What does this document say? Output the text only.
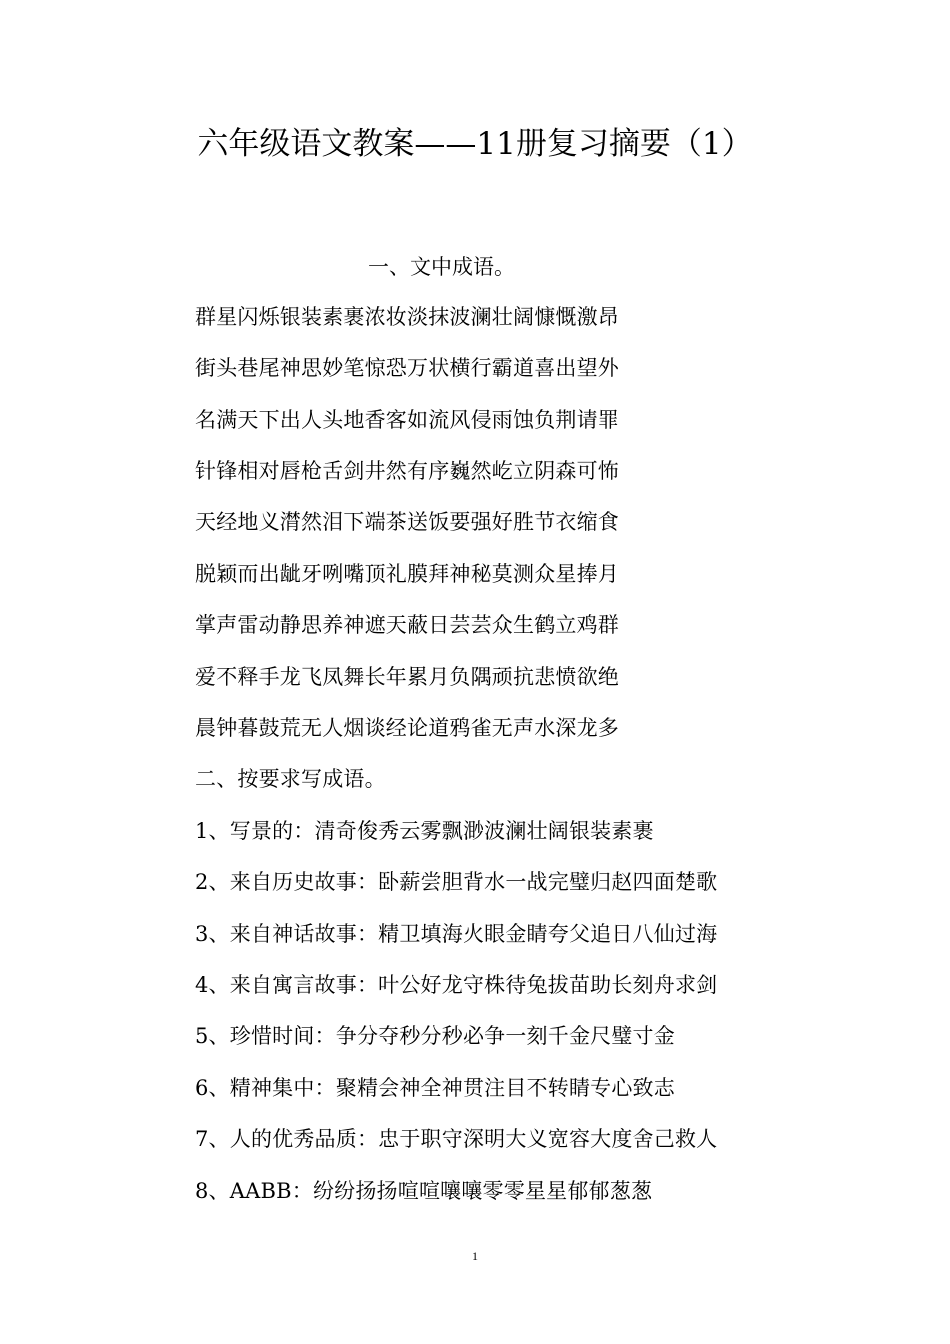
六年级语文教案——11册复习摘要（1）
一、文中成语。
群星闪烁银装素裹浓妆淡抹波澜壮阔慷慨激昂
街头巷尾神思妙笔惊恐万状横行霸道喜出望外
名满天下出人头地香客如流风侵雨蚀负荆请罪
针锋相对唇枪舌剑井然有序巍然屹立阴森可怖
天经地义潸然泪下端茶送饭要强好胜节衣缩食
脱颖而出龇牙咧嘴顶礼膜拜神秘莫测众星捧月
掌声雷动静思养神遮天蔽日芸芸众生鹤立鸡群
爱不释手龙飞凤舞长年累月负隅顽抗悲愤欲绝
晨钟暮鼓荒无人烟谈经论道鸦雀无声水深龙多
二、按要求写成语。
1、写景的：清奇俊秀云雾飘渺波澜壮阔银装素裹
2、来自历史故事：卧薪尝胆背水一战完璧归赵四面楚歌
3、来自神话故事：精卫填海火眼金睛夸父追日八仙过海
4、来自寓言故事：叶公好龙守株待兔拔苗助长刻舟求剑
5、珍惜时间：争分夺秒分秒必争一刻千金尺璧寸金
6、精神集中：聚精会神全神贯注目不转睛专心致志
7、人的优秀品质：忠于职守深明大义宽容大度舍己救人
8、AABB：纷纷扬扬喧喧嚷嚷零零星星郁郁葱葱
1
